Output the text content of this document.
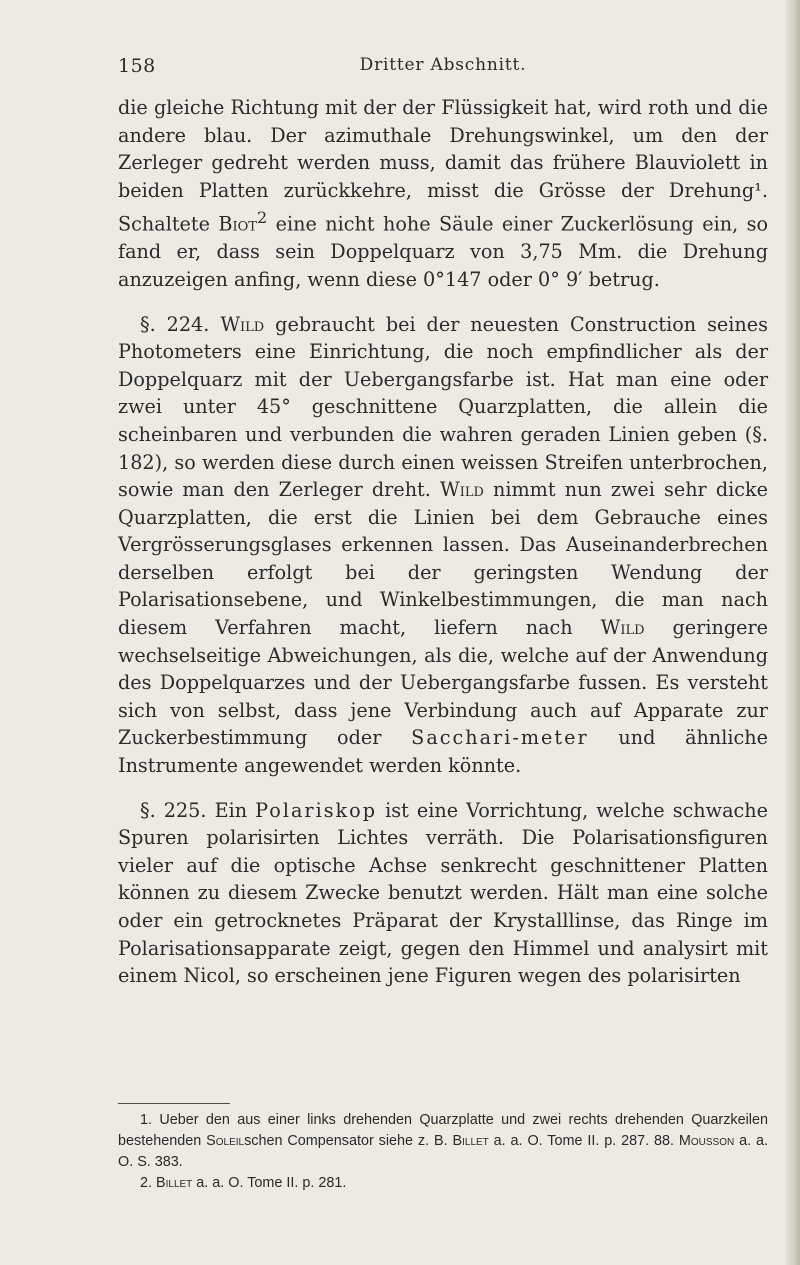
158	Dritter Abschnitt.

die gleiche Richtung mit der der Flüssigkeit hat, wird roth und die andere blau. Der azimuthale Drehungswinkel, um den der Zerleger gedreht werden muss, damit das frühere Blauviolett in beiden Platten zurückkehre, misst die Grösse der Drehung¹. Schaltete Biot$^2$ eine nicht hohe Säule einer Zuckerlösung ein, so fand er, dass sein Doppelquarz von 3,75 Mm. die Drehung anzuzeigen anfing, wenn diese 0°147 oder 0° 9′ betrug.

§. 224. Wild gebraucht bei der neuesten Construction seines Photometers eine Einrichtung, die noch empfindlicher als der Doppelquarz mit der Uebergangsfarbe ist. Hat man eine oder zwei unter 45° geschnittene Quarzplatten, die allein die scheinbaren und verbunden die wahren geraden Linien geben (§. 182), so werden diese durch einen weissen Streifen unterbrochen, sowie man den Zerleger dreht. Wild nimmt nun zwei sehr dicke Quarzplatten, die erst die Linien bei dem Gebrauche eines Vergrösserungsglases erkennen lassen. Das Auseinanderbrechen derselben erfolgt bei der geringsten Wendung der Polarisationsebene, und Winkelbestimmungen, die man nach diesem Verfahren macht, liefern nach Wild geringere wechselseitige Abweichungen, als die, welche auf der Anwendung des Doppelquarzes und der Uebergangsfarbe fussen. Es versteht sich von selbst, dass jene Verbindung auch auf Apparate zur Zuckerbestimmung oder Sacchari-meter und ähnliche Instrumente angewendet werden könnte.

§. 225. Ein Polariskop ist eine Vorrichtung, welche schwache Spuren polarisirten Lichtes verräth. Die Polarisationsfiguren vieler auf die optische Achse senkrecht geschnittener Platten können zu diesem Zwecke benutzt werden. Hält man eine solche oder ein getrocknetes Präparat der Krystalllinse, das Ringe im Polarisationsapparate zeigt, gegen den Himmel und analysirt mit einem Nicol, so erscheinen jene Figuren wegen des polarisirten

1. Ueber den aus einer links drehenden Quarzplatte und zwei rechts drehenden Quarzkeilen bestehenden Soleilschen Compensator siehe z. B. Billet a. a. O. Tome II. p. 287. 88. Mousson a. a. O. S. 383.

2. Billet a. a. O. Tome II. p. 281.
